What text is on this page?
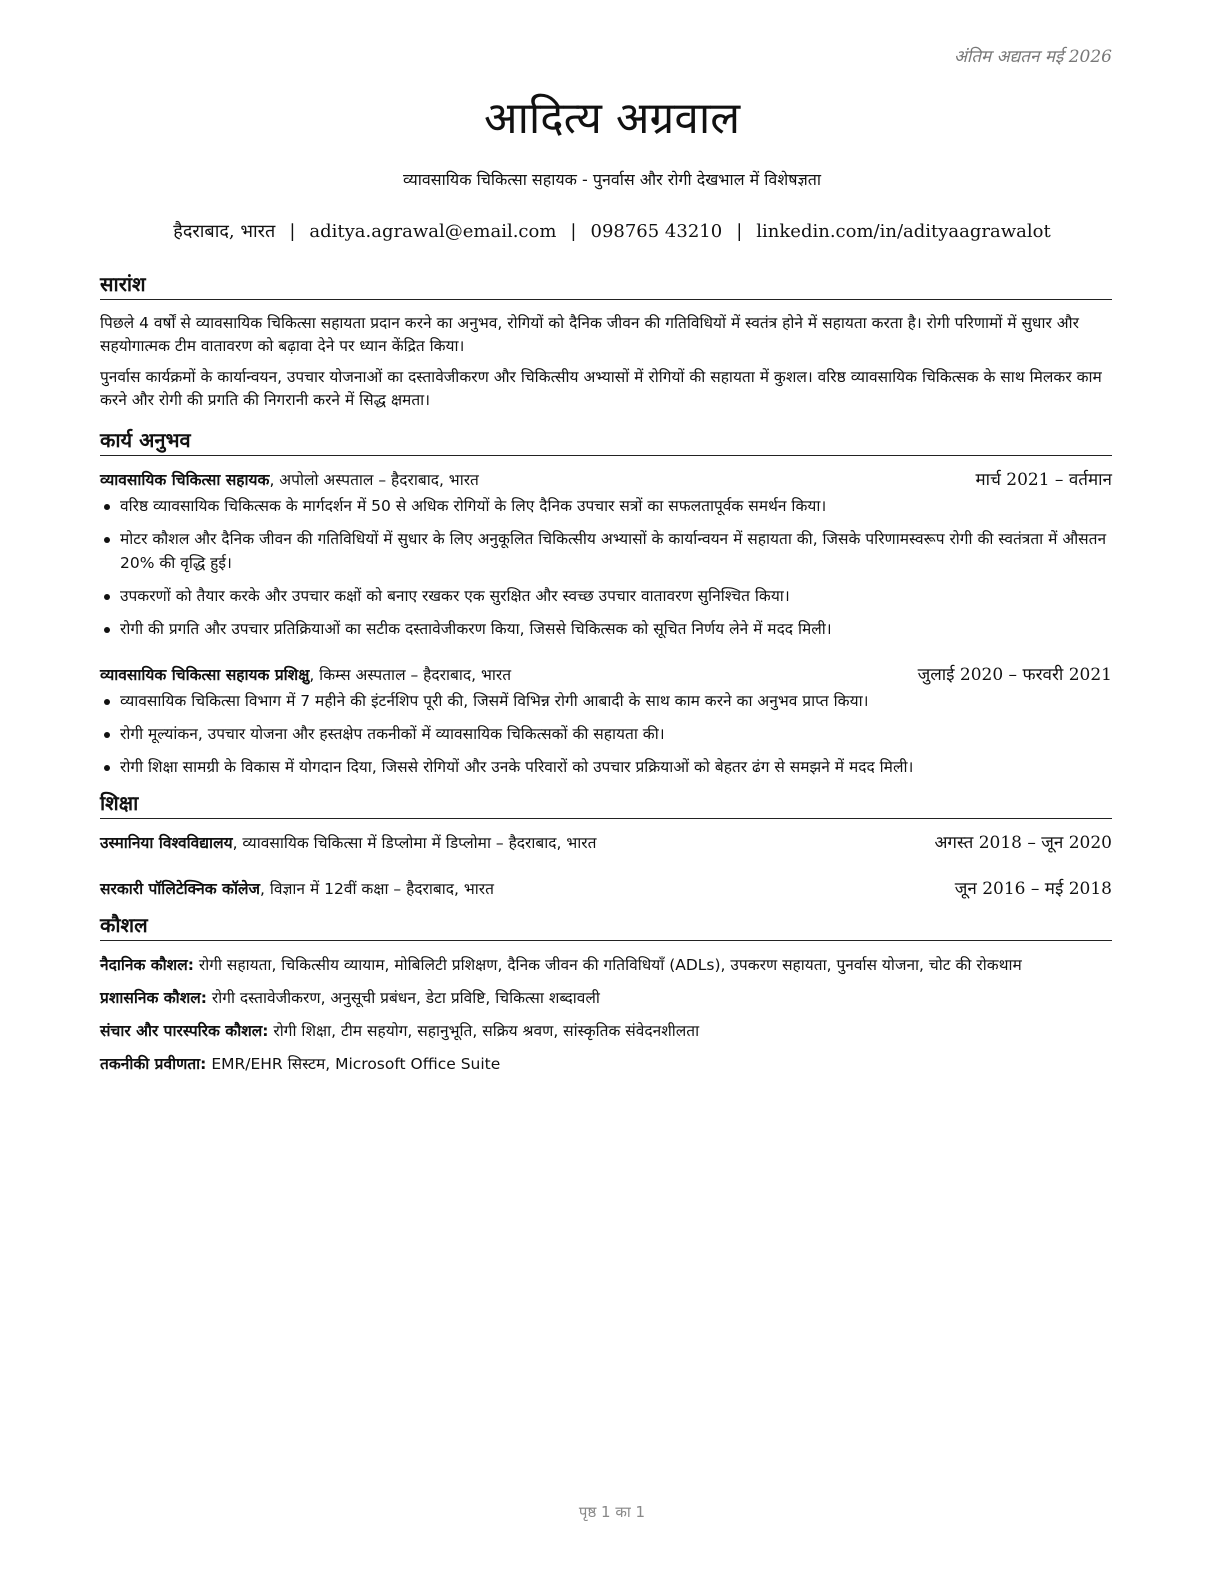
अंतिम अद्यतन मई 2026
आदित्य अग्रवाल
व्यावसायिक चिकित्सा सहायक - पुनर्वास और रोगी देखभाल में विशेषज्ञता
हैदराबाद, भारत | aditya.agrawal@email.com | 098765 43210 | linkedin.com/in/adityaagrawalot
सारांश

पिछले 4 वर्षों से व्यावसायिक चिकित्सा सहायता प्रदान करने का अनुभव, रोगियों को दैनिक जीवन की गतिविधियों में स्वतंत्र होने में सहायता करता है। रोगी परिणामों में सुधार और सहयोगात्मक टीम वातावरण को बढ़ावा देने पर ध्यान केंद्रित किया।

पुनर्वास कार्यक्रमों के कार्यान्वयन, उपचार योजनाओं का दस्तावेजीकरण और चिकित्सीय अभ्यासों में रोगियों की सहायता में कुशल। वरिष्ठ व्यावसायिक चिकित्सक के साथ मिलकर काम करने और रोगी की प्रगति की निगरानी करने में सिद्ध क्षमता।

कार्य अनुभव
व्यावसायिक चिकित्सा सहायक, अपोलो अस्पताल – हैदराबाद, भारत	मार्च 2021 – वर्तमान
वरिष्ठ व्यावसायिक चिकित्सक के मार्गदर्शन में 50 से अधिक रोगियों के लिए दैनिक उपचार सत्रों का सफलतापूर्वक समर्थन किया।
मोटर कौशल और दैनिक जीवन की गतिविधियों में सुधार के लिए अनुकूलित चिकित्सीय अभ्यासों के कार्यान्वयन में सहायता की, जिसके परिणामस्वरूप रोगी की स्वतंत्रता में औसतन 20% की वृद्धि हुई।
उपकरणों को तैयार करके और उपचार कक्षों को बनाए रखकर एक सुरक्षित और स्वच्छ उपचार वातावरण सुनिश्चित किया।
रोगी की प्रगति और उपचार प्रतिक्रियाओं का सटीक दस्तावेजीकरण किया, जिससे चिकित्सक को सूचित निर्णय लेने में मदद मिली।
व्यावसायिक चिकित्सा सहायक प्रशिक्षु, किम्स अस्पताल – हैदराबाद, भारत	जुलाई 2020 – फरवरी 2021
व्यावसायिक चिकित्सा विभाग में 7 महीने की इंटर्नशिप पूरी की, जिसमें विभिन्न रोगी आबादी के साथ काम करने का अनुभव प्राप्त किया।
रोगी मूल्यांकन, उपचार योजना और हस्तक्षेप तकनीकों में व्यावसायिक चिकित्सकों की सहायता की।
रोगी शिक्षा सामग्री के विकास में योगदान दिया, जिससे रोगियों और उनके परिवारों को उपचार प्रक्रियाओं को बेहतर ढंग से समझने में मदद मिली।
शिक्षा
उस्मानिया विश्वविद्यालय, व्यावसायिक चिकित्सा में डिप्लोमा में डिप्लोमा – हैदराबाद, भारत	अगस्त 2018 – जून 2020
सरकारी पॉलिटेक्निक कॉलेज, विज्ञान में 12वीं कक्षा – हैदराबाद, भारत	जून 2016 – मई 2018
कौशल
नैदानिक कौशल: रोगी सहायता, चिकित्सीय व्यायाम, मोबिलिटी प्रशिक्षण, दैनिक जीवन की गतिविधियाँ (ADLs), उपकरण सहायता, पुनर्वास योजना, चोट की रोकथाम
प्रशासनिक कौशल: रोगी दस्तावेजीकरण, अनुसूची प्रबंधन, डेटा प्रविष्टि, चिकित्सा शब्दावली
संचार और पारस्परिक कौशल: रोगी शिक्षा, टीम सहयोग, सहानुभूति, सक्रिय श्रवण, सांस्कृतिक संवेदनशीलता
तकनीकी प्रवीणता: EMR/EHR सिस्टम, Microsoft Office Suite
पृष्ठ 1 का 1
